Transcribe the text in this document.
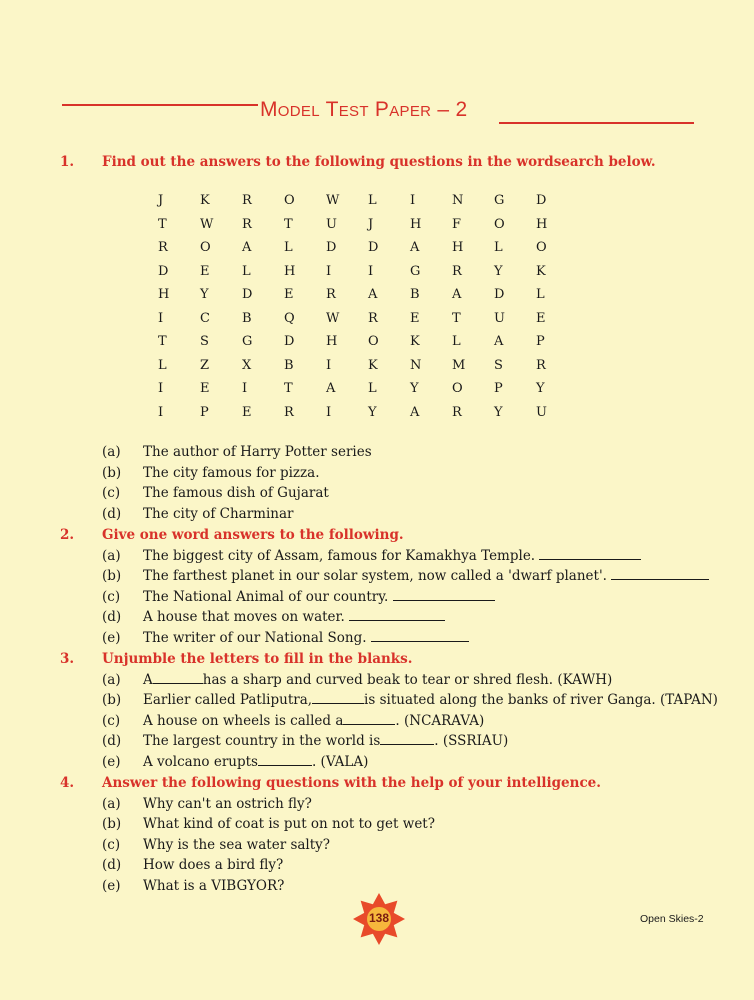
Model Test Paper – 2
1. Find out the answers to the following questions in the wordsearch below.
J	K	R	O	W	L	I	N	G	D
T	W	R	T	U	J	H	F	O	H
R	O	A	L	D	D	A	H	L	O
D	E	L	H	I	I	G	R	Y	K
H	Y	D	E	R	A	B	A	D	L
I	C	B	Q	W	R	E	T	U	E
T	S	G	D	H	O	K	L	A	P
L	Z	X	B	I	K	N	M	S	R
I	E	I	T	A	L	Y	O	P	Y
I	P	E	R	I	Y	A	R	Y	U
(a) The author of Harry Potter series
(b) The city famous for pizza.
(c) The famous dish of Gujarat
(d) The city of Charminar
2. Give one word answers to the following.
(a) The biggest city of Assam, famous for Kamakhya Temple.
(b) The farthest planet in our solar system, now called a 'dwarf planet'.
(c) The National Animal of our country.
(d) A house that moves on water.
(e) The writer of our National Song.
3. Unjumble the letters to fill in the blanks.
(a) A	has a sharp and curved beak to tear or shred flesh. (KAWH)
(b) Earlier called Patliputra,	is situated along the banks of river Ganga. (TAPAN)
(c) A house on wheels is called a	. (NCARAVA)
(d) The largest country in the world is	. (SSRIAU)
(e) A volcano erupts	. (VALA)
4. Answer the following questions with the help of your intelligence.
(a) Why can't an ostrich fly?
(b) What kind of coat is put on not to get wet?
(c) Why is the sea water salty?
(d) How does a bird fly?
(e) What is a VIBGYOR?
138	Open Skies-2
